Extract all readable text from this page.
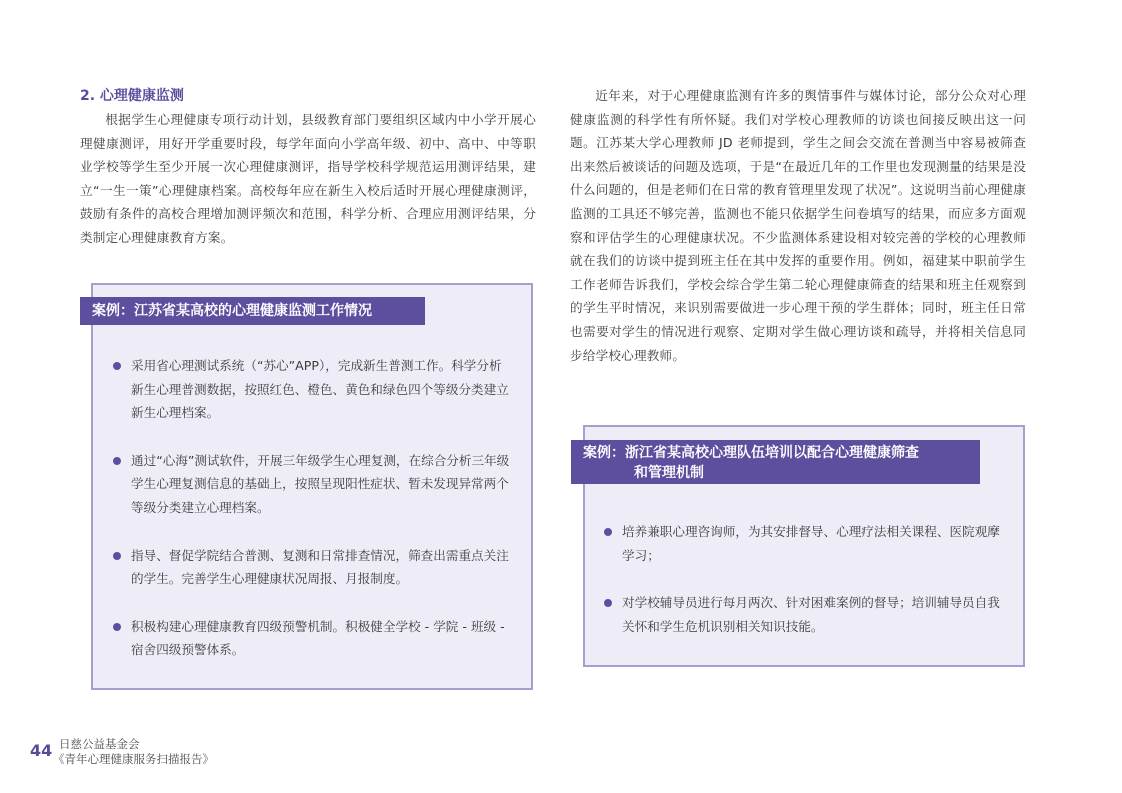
2. 心理健康监测

根据学生心理健康专项行动计划，县级教育部门要组织区域内中小学开展心理健康测评，用好开学重要时段，每学年面向小学高年级、初中、高中、中等职业学校等学生至少开展一次心理健康测评，指导学校科学规范运用测评结果，建立“一生一策”心理健康档案。高校每年应在新生入校后适时开展心理健康测评，鼓励有条件的高校合理增加测评频次和范围，科学分析、合理应用测评结果，分类制定心理健康教育方案。

案例：江苏省某高校的心理健康监测工作情况
采用省心理测试系统（“苏心”APP），完成新生普测工作。科学分析新生心理普测数据，按照红色、橙色、黄色和绿色四个等级分类建立新生心理档案。
通过“心海”测试软件，开展三年级学生心理复测，在综合分析三年级学生心理复测信息的基础上，按照呈现阳性症状、暂未发现异常两个等级分类建立心理档案。
指导、督促学院结合普测、复测和日常排查情况，筛查出需重点关注的学生。完善学生心理健康状况周报、月报制度。
积极构建心理健康教育四级预警机制。积极健全学校 - 学院 - 班级 - 宿舍四级预警体系。

近年来，对于心理健康监测有许多的舆情事件与媒体讨论，部分公众对心理健康监测的科学性有所怀疑。我们对学校心理教师的访谈也间接反映出这一问题。江苏某大学心理教师 JD 老师提到，学生之间会交流在普测当中容易被筛查出来然后被谈话的问题及选项，于是“在最近几年的工作里也发现测量的结果是没什么问题的，但是老师们在日常的教育管理里发现了状况”。这说明当前心理健康监测的工具还不够完善，监测也不能只依据学生问卷填写的结果，而应多方面观察和评估学生的心理健康状况。不少监测体系建设相对较完善的学校的心理教师就在我们的访谈中提到班主任在其中发挥的重要作用。例如，福建某中职前学生工作老师告诉我们，学校会综合学生第二轮心理健康筛查的结果和班主任观察到的学生平时情况，来识别需要做进一步心理干预的学生群体；同时，班主任日常也需要对学生的情况进行观察、定期对学生做心理访谈和疏导，并将相关信息同步给学校心理教师。

案例：浙江省某高校心理队伍培训以配合心理健康筛查
和管理机制
培养兼职心理咨询师，为其安排督导、心理疗法相关课程、医院观摩学习；
对学校辅导员进行每月两次、针对困难案例的督导；培训辅导员自我关怀和学生危机识别相关知识技能。
44 日慈公益基金会
《青年心理健康服务扫描报告》
